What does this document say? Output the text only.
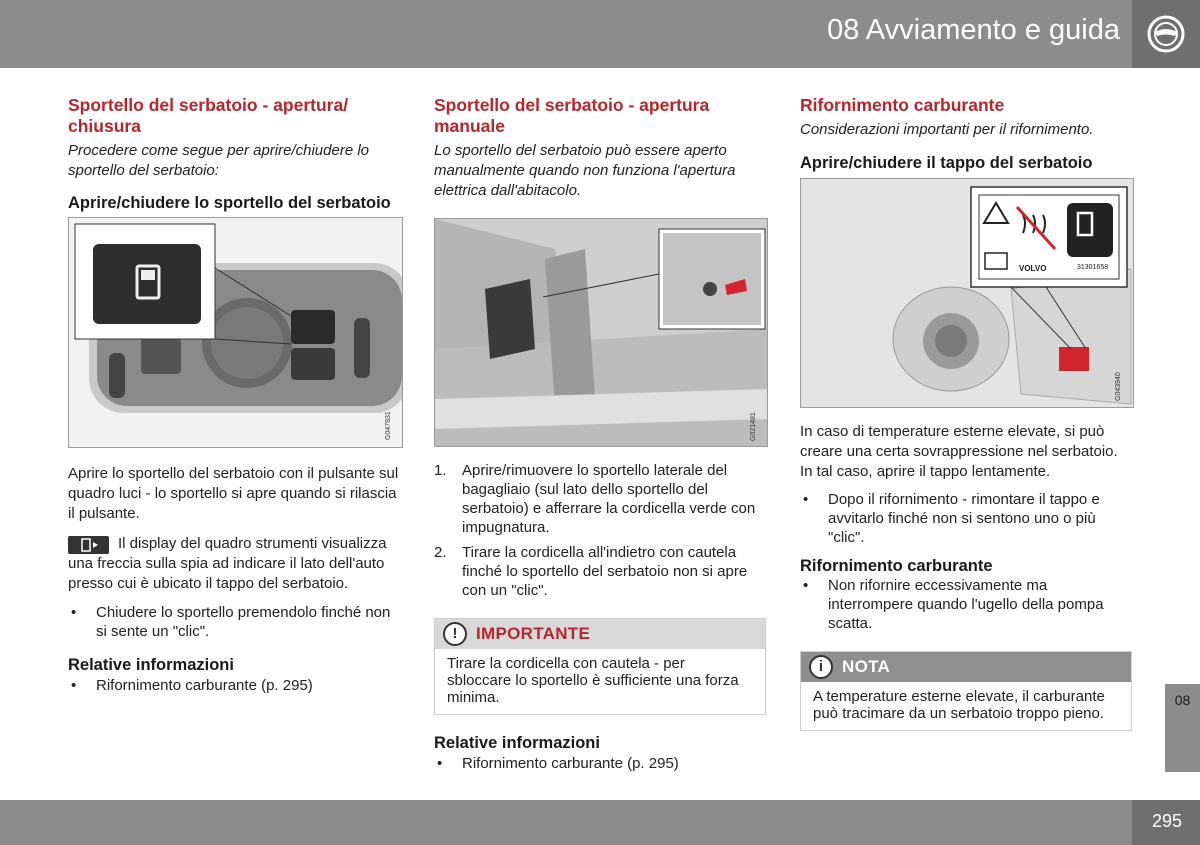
08 Avviamento e guida
Sportello del serbatoio - apertura/ chiusura
Procedere come segue per aprire/chiudere lo sportello del serbatoio:
Aprire/chiudere lo sportello del serbatoio
G047831
Aprire lo sportello del serbatoio con il pulsante sul quadro luci - lo sportello si apre quando si rilascia il pulsante.
Il display del quadro strumenti visualizza una freccia sulla spia ad indicare il lato dell'auto presso cui è ubicato il tappo del serbatoio.
• Chiudere lo sportello premendolo finché non si sente un "clic".
Relative informazioni
• Rifornimento carburante (p. 295)
Sportello del serbatoio - apertura manuale
Lo sportello del serbatoio può essere aperto manualmente quando non funziona l'apertura elettrica dall'abitacolo.
G021481
1. Aprire/rimuovere lo sportello laterale del bagagliaio (sul lato dello sportello del serbatoio) e afferrare la cordicella verde con impugnatura.
2. Tirare la cordicella all'indietro con cautela finché lo sportello del serbatoio non si apre con un "clic".
!	IMPORTANTE
Tirare la cordicella con cautela - per sbloccare lo sportello è sufficiente una forza minima.
Relative informazioni
• Rifornimento carburante (p. 295)
Rifornimento carburante
Considerazioni importanti per il rifornimento.
Aprire/chiudere il tappo del serbatoio
VOLVO	31301658
G043940
In caso di temperature esterne elevate, si può creare una certa sovrappressione nel serbatoio. In tal caso, aprire il tappo lentamente.
• Dopo il rifornimento - rimontare il tappo e avvitarlo finché non si sentono uno o più "clic".
Rifornimento carburante
• Non rifornire eccessivamente ma interrompere quando l'ugello della pompa scatta.
i	NOTA
A temperature esterne elevate, il carburante può tracimare da un serbatoio troppo pieno.
08
295
